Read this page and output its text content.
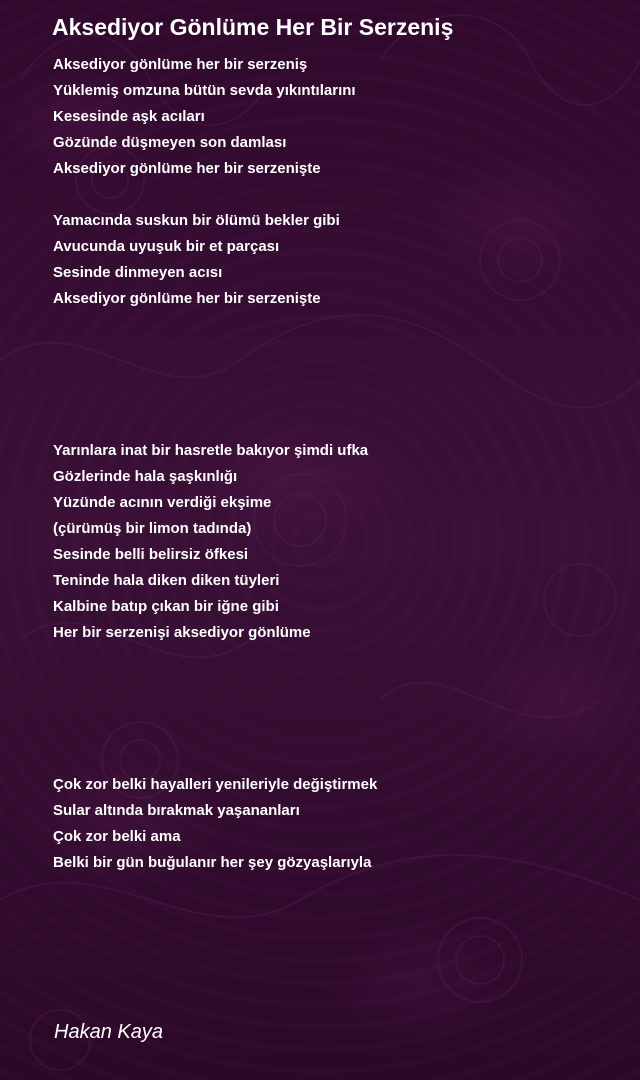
Aksediyor Gönlüme Her Bir Serzeniş
Aksediyor gönlüme her bir serzeniş
Yüklemiş omzuna bütün sevda yıkıntılarını
Kesesinde aşk acıları
Gözünde düşmeyen son damlası
Aksediyor gönlüme her bir serzenişte
Yamacında suskun bir ölümü bekler gibi
Avucunda uyuşuk bir et parçası
Sesinde dinmeyen acısı
Aksediyor gönlüme her bir serzenişte
Yarınlara inat bir hasretle bakıyor şimdi ufka
Gözlerinde hala şaşkınlığı
Yüzünde acının verdiği ekşime
(çürümüş bir limon tadında)
Sesinde belli belirsiz öfkesi
Teninde hala diken diken tüyleri
Kalbine batıp çıkan bir iğne gibi
Her bir serzenişi aksediyor gönlüme
Çok zor belki hayalleri yenileriyle değiştirmek
Sular altında bırakmak yaşananları
Çok zor belki ama
Belki bir gün buğulanır her şey gözyaşlarıyla
Hakan Kaya
